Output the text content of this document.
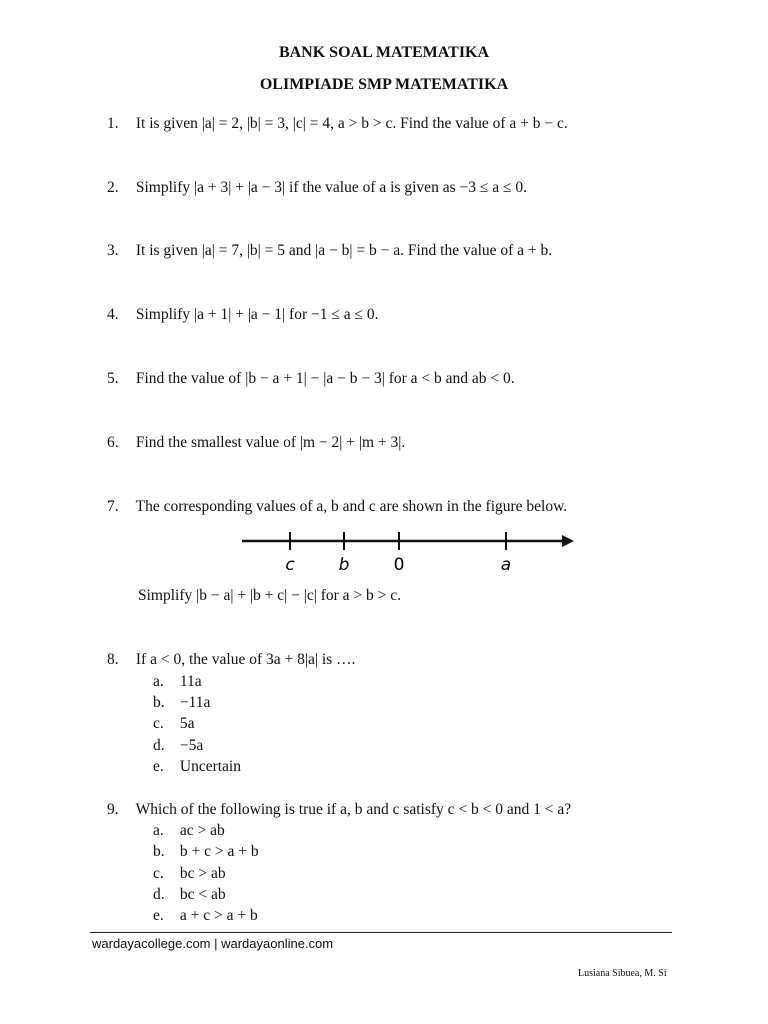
BANK SOAL MATEMATIKA
OLIMPIADE SMP MATEMATIKA
1. It is given |a| = 2, |b| = 3, |c| = 4, a > b > c. Find the value of a + b − c.
2. Simplify |a + 3| + |a − 3| if the value of a is given as −3 ≤ a ≤ 0.
3. It is given |a| = 7, |b| = 5 and |a − b| = b − a. Find the value of a + b.
4. Simplify |a + 1| + |a − 1| for −1 ≤ a ≤ 0.
5. Find the value of |b − a + 1| − |a − b − 3| for a < b and ab < 0.
6. Find the smallest value of |m − 2| + |m + 3|.
7. The corresponding values of a, b and c are shown in the figure below.
c	b	0	a
Simplify |b − a| + |b + c| − |c| for a > b > c.
8. If a < 0, the value of 3a + 8|a| is ….
a. 11a
b. −11a
c. 5a
d. −5a
e. Uncertain
9. Which of the following is true if a, b and c satisfy c < b < 0 and 1 < a?
a. ac > ab
b. b + c > a + b
c. bc > ab
d. bc < ab
e. a + c > a + b
wardayacollege.com | wardayaonline.com
Lusiana Sibuea, M. Si
